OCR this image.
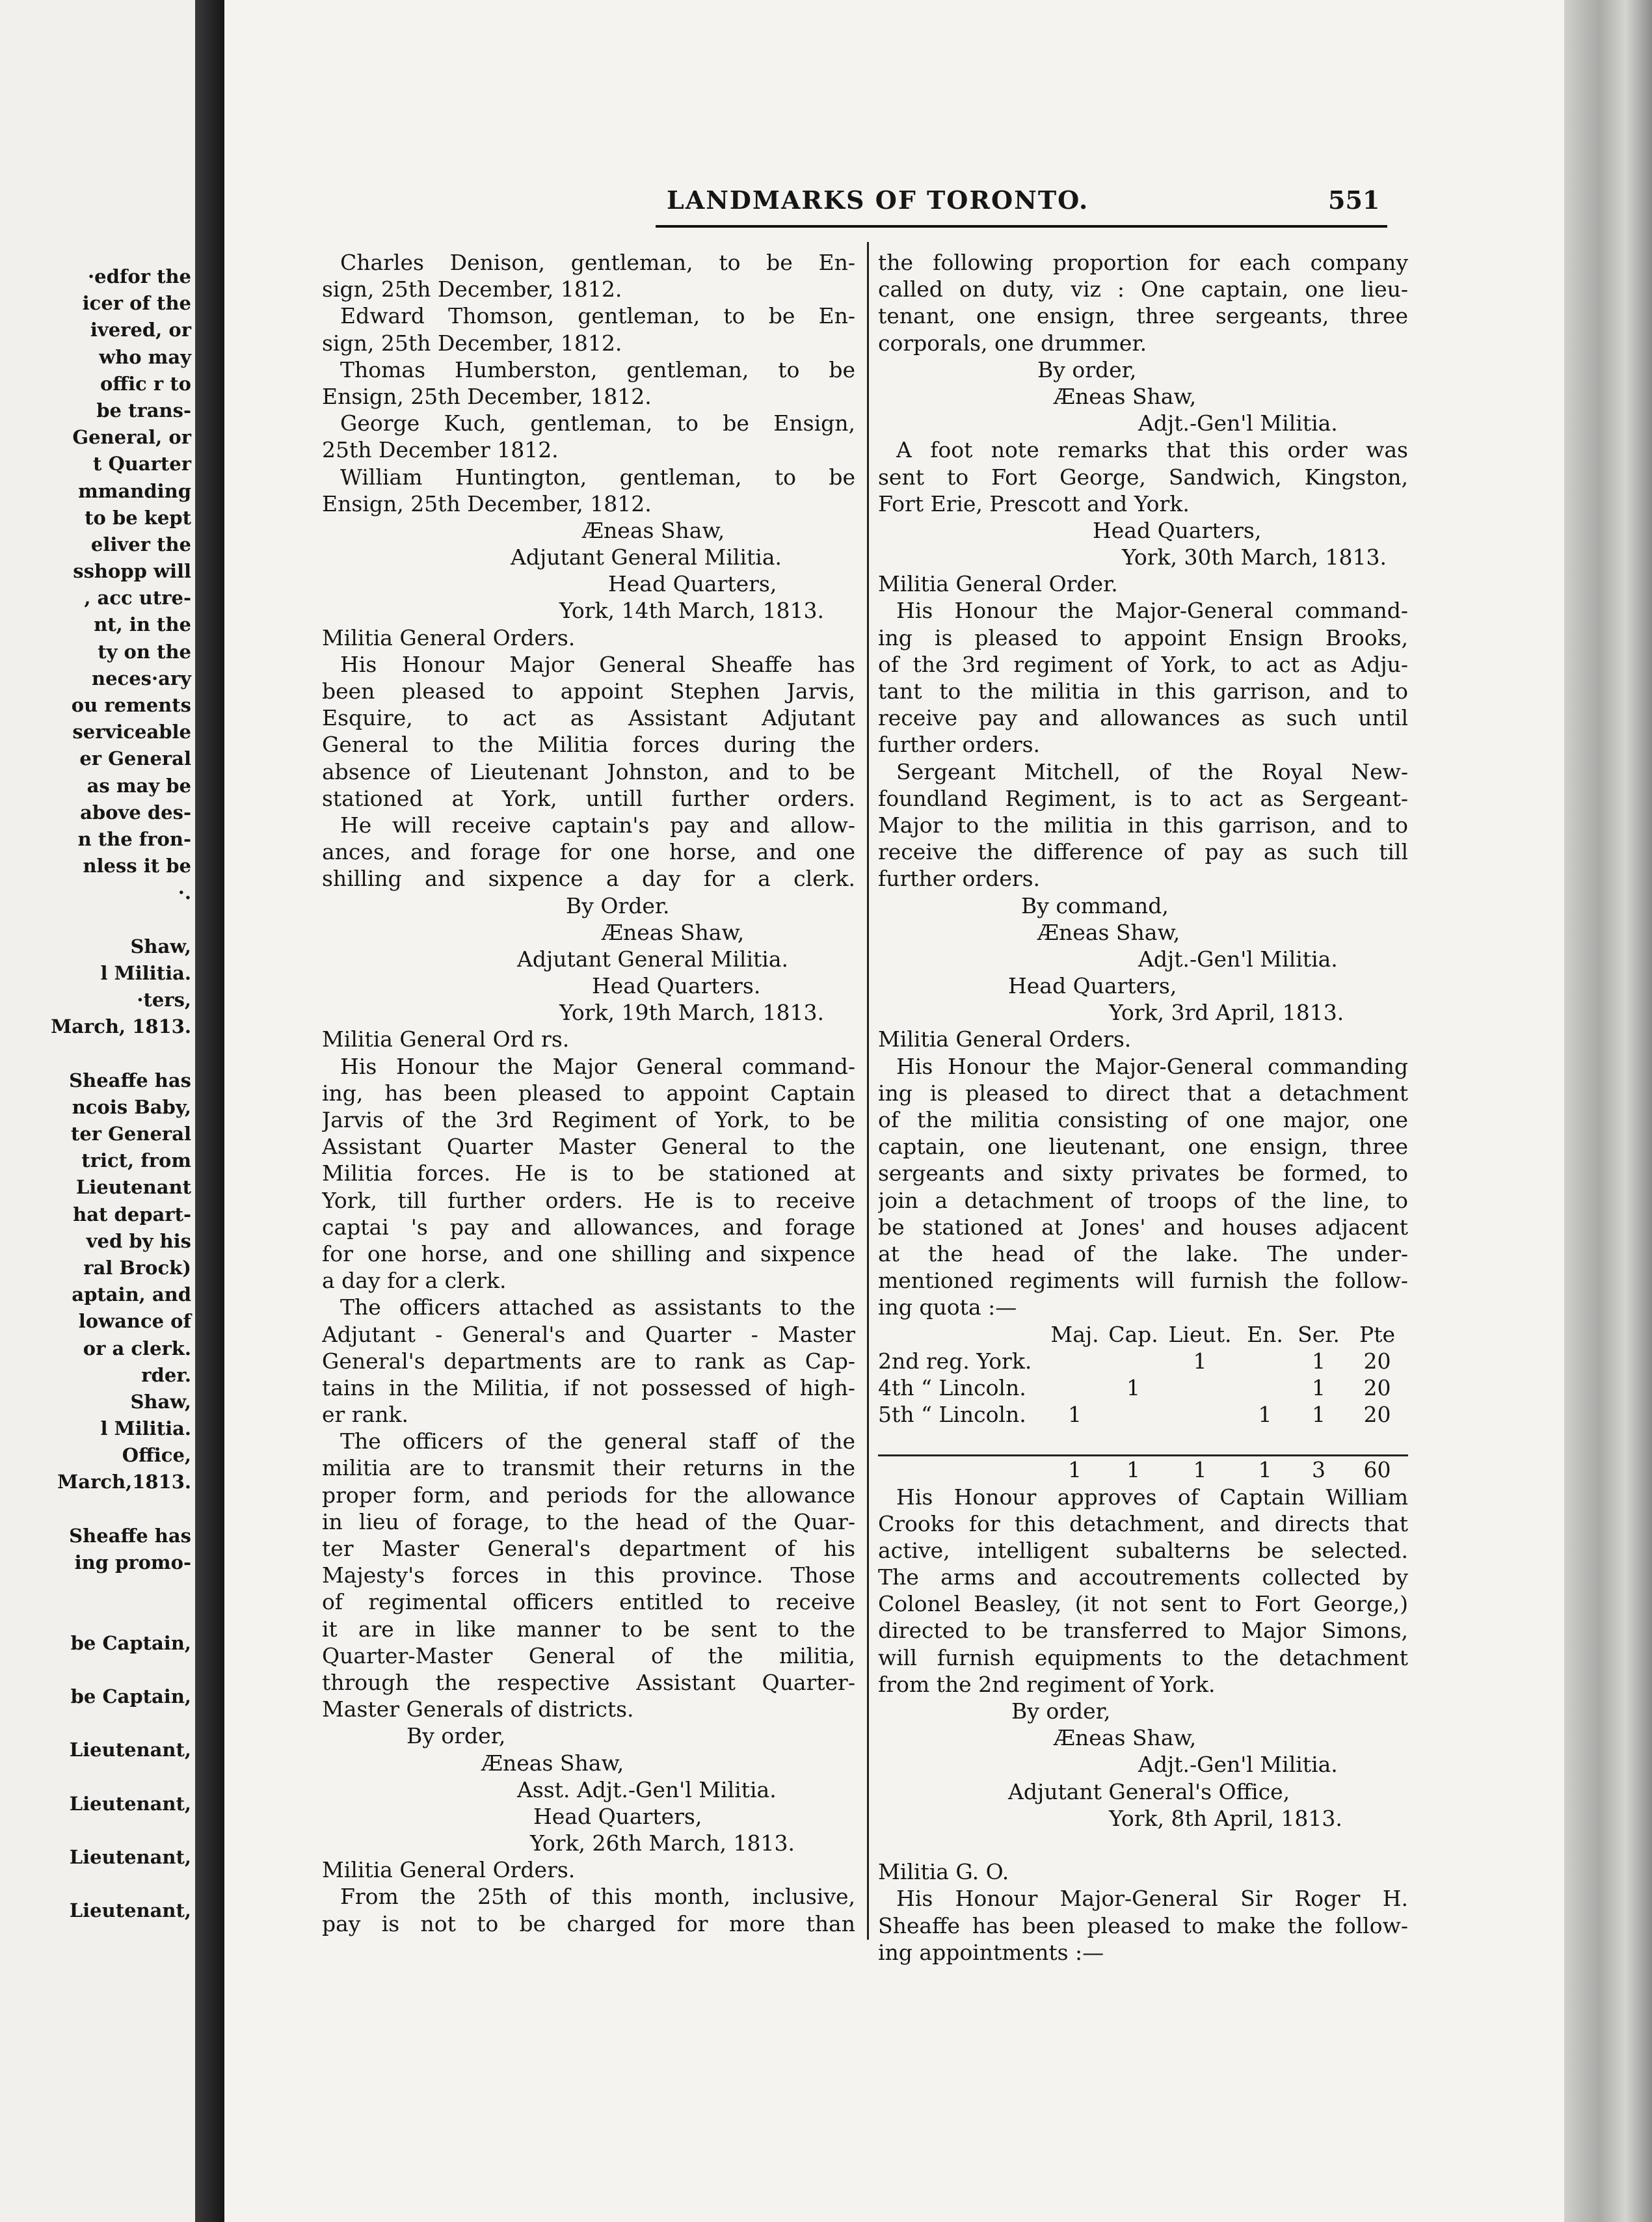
·edfor the
icer of the
ivered, or
who may
offic r to
be trans-
General, or
t Quarter
mmanding
to be kept
eliver the
sshopp will
, acc utre-
nt, in the
ty on the
neces·ary
ou rements
serviceable
er General
as may be
above des-
n the fron-
nless it be
·.
Shaw,
l Militia.
·ters,
March, 1813.
Sheaffe has
ncois Baby,
ter General
trict, from
Lieutenant
hat depart-
ved by his
ral Brock)
aptain, and
lowance of
or a clerk.
rder.
Shaw,
l Militia.
Office,
March,1813.
Sheaffe has
ing promo-
be Captain,
be Captain,
Lieutenant,
Lieutenant,
Lieutenant,
Lieutenant,
LANDMARKS OF TORONTO.	551
Charles Denison, gentleman, to be En-
sign, 25th December, 1812.
Edward Thomson, gentleman, to be En-
sign, 25th December, 1812.
Thomas Humberston, gentleman, to be
Ensign, 25th December, 1812.
George Kuch, gentleman, to be Ensign,
25th December 1812.
William Huntington, gentleman, to be
Ensign, 25th December, 1812.
Æneas Shaw,
Adjutant General Militia.
Head Quarters,
York, 14th March, 1813.
Militia General Orders.
His Honour Major General Sheaffe has
been pleased to appoint Stephen Jarvis,
Esquire, to act as Assistant Adjutant
General to the Militia forces during the
absence of Lieutenant Johnston, and to be
stationed at York, untill further orders.
He will receive captain's pay and allow-
ances, and forage for one horse, and one
shilling and sixpence a day for a clerk.
By Order.
Æneas Shaw,
Adjutant General Militia.
Head Quarters.
York, 19th March, 1813.
Militia General Ord rs.
His Honour the Major General command-
ing, has been pleased to appoint Captain
Jarvis of the 3rd Regiment of York, to be
Assistant Quarter Master General to the
Militia forces. He is to be stationed at
York, till further orders. He is to receive
captai 's pay and allowances, and forage
for one horse, and one shilling and sixpence
a day for a clerk.
The officers attached as assistants to the
Adjutant - General's and Quarter - Master
General's departments are to rank as Cap-
tains in the Militia, if not possessed of high-
er rank.
The officers of the general staff of the
militia are to transmit their returns in the
proper form, and periods for the allowance
in lieu of forage, to the head of the Quar-
ter Master General's department of his
Majesty's forces in this province. Those
of regimental officers entitled to receive
it are in like manner to be sent to the
Quarter-Master General of the militia,
through the respective Assistant Quarter-
Master Generals of districts.
By order,
Æneas Shaw,
Asst. Adjt.-Gen'l Militia.
Head Quarters,
York, 26th March, 1813.
Militia General Orders.
From the 25th of this month, inclusive,
pay is not to be charged for more than
the following proportion for each company
called on duty, viz : One captain, one lieu-
tenant, one ensign, three sergeants, three
corporals, one drummer.
By order,
Æneas Shaw,
Adjt.-Gen'l Militia.
A foot note remarks that this order was
sent to Fort George, Sandwich, Kingston,
Fort Erie, Prescott and York.
Head Quarters,
York, 30th March, 1813.
Militia General Order.
His Honour the Major-General command-
ing is pleased to appoint Ensign Brooks,
of the 3rd regiment of York, to act as Adju-
tant to the militia in this garrison, and to
receive pay and allowances as such until
further orders.
Sergeant Mitchell, of the Royal New-
foundland Regiment, is to act as Sergeant-
Major to the militia in this garrison, and to
receive the difference of pay as such till
further orders.
By command,
Æneas Shaw,
Adjt.-Gen'l Militia.
Head Quarters,
York, 3rd April, 1813.
Militia General Orders.
His Honour the Major-General commanding
ing is pleased to direct that a detachment
of the militia consisting of one major, one
captain, one lieutenant, one ensign, three
sergeants and sixty privates be formed, to
join a detachment of troops of the line, to
be stationed at Jones' and houses adjacent
at the head of the lake. The under-
mentioned regiments will furnish the follow-
ing quota :—
	Maj.	Cap.	Lieut.	En.	Ser.	Pte
2nd reg. York.			1		1	20
4th “ Lincoln.		1			1	20
5th “ Lincoln.	1			1	1	20

	1	1	1	1	3	60
His Honour approves of Captain William
Crooks for this detachment, and directs that
active, intelligent subalterns be selected.
The arms and accoutrements collected by
Colonel Beasley, (it not sent to Fort George,)
directed to be transferred to Major Simons,
will furnish equipments to the detachment
from the 2nd regiment of York.
By order,
Æneas Shaw,
Adjt.-Gen'l Militia.
Adjutant General's Office,
York, 8th April, 1813.
Militia G. O.
His Honour Major-General Sir Roger H.
Sheaffe has been pleased to make the follow-
ing appointments :—
